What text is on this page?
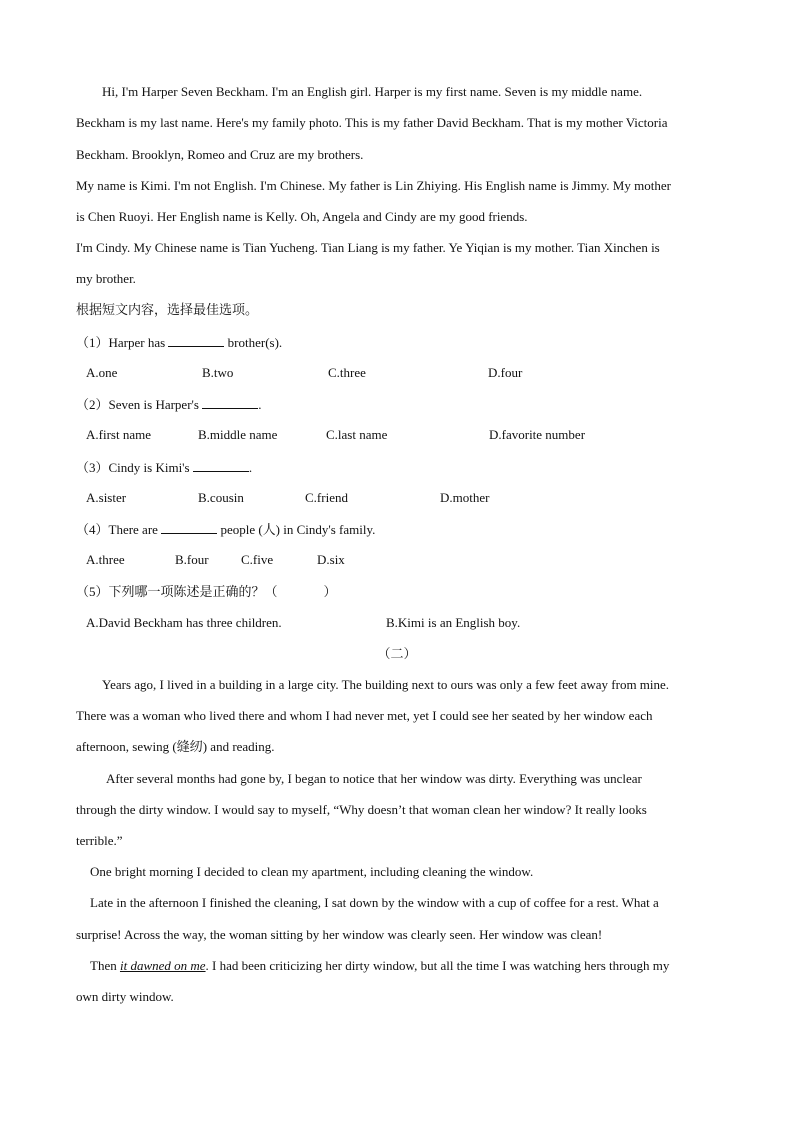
Hi, I'm Harper Seven Beckham. I'm an English girl. Harper is my first name. Seven is my middle name.
Beckham is my last name. Here's my family photo. This is my father David Beckham. That is my mother Victoria
Beckham. Brooklyn, Romeo and Cruz are my brothers.
My name is Kimi. I'm not English. I'm Chinese. My father is Lin Zhiying. His English name is Jimmy. My mother
is Chen Ruoyi. Her English name is Kelly. Oh, Angela and Cindy are my good friends.
I'm Cindy. My Chinese name is Tian Yucheng. Tian Liang is my father. Ye Yiqian is my mother. Tian Xinchen is
my brother.
根据短文内容，选择最佳选项。
（1）Harper has	brother(s).
A.one	B.two	C.three	D.four
（2）Seven is Harper's	.
A.first name	B.middle name	C.last name	D.favorite number
（3）Cindy is Kimi's	.
A.sister	B.cousin	C.friend	D.mother
（4）There are	people (人) in Cindy's family.
A.three	B.four C.five	D.six
（5）下列哪一项陈述是正确的？（	）
A.David Beckham has three children.	B.Kimi is an English boy.
（二）
Years ago, I lived in a building in a large city. The building next to ours was only a few feet away from mine.
There was a woman who lived there and whom I had never met, yet I could see her seated by her window each
afternoon, sewing (缝纫) and reading.
After several months had gone by, I began to notice that her window was dirty. Everything was unclear
through the dirty window. I would say to myself, “Why doesn’t that woman clean her window? It really looks
terrible.”
One bright morning I decided to clean my apartment, including cleaning the window.
Late in the afternoon I finished the cleaning, I sat down by the window with a cup of coffee for a rest. What a
surprise! Across the way, the woman sitting by her window was clearly seen. Her window was clean!
Then it dawned on me. I had been criticizing her dirty window, but all the time I was watching hers through my
own dirty window.
